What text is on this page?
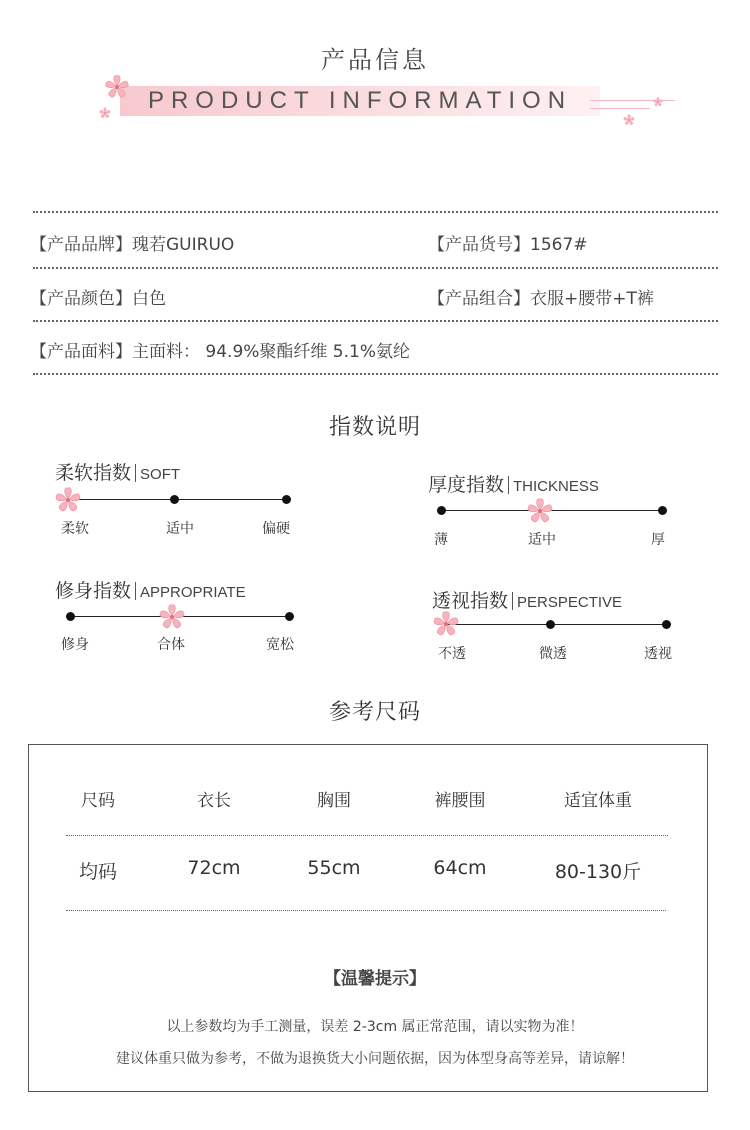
产品信息
PRODUCT INFORMATION
【产品品牌】瑰若GUIRUO	【产品货号】1567#
【产品颜色】白色	【产品组合】衣服+腰带+T裤
【产品面料】主面料： 94.9%聚酯纤维 5.1%氨纶
指数说明
柔软指数 SOFT
柔软	适中	偏硬
厚度指数 THICKNESS
薄	适中	厚
修身指数 APPROPRIATE
修身	合体	宽松
透视指数 PERSPECTIVE
不透	微透	透视
参考尺码
尺码	衣长	胸围	裤腰围	适宜体重
均码	72cm	55cm	64cm	80-130斤
【温馨提示】
以上参数均为手工测量，误差 2-3cm 属正常范围，请以实物为准！
建议体重只做为参考，不做为退换货大小问题依据，因为体型身高等差异，请谅解！
